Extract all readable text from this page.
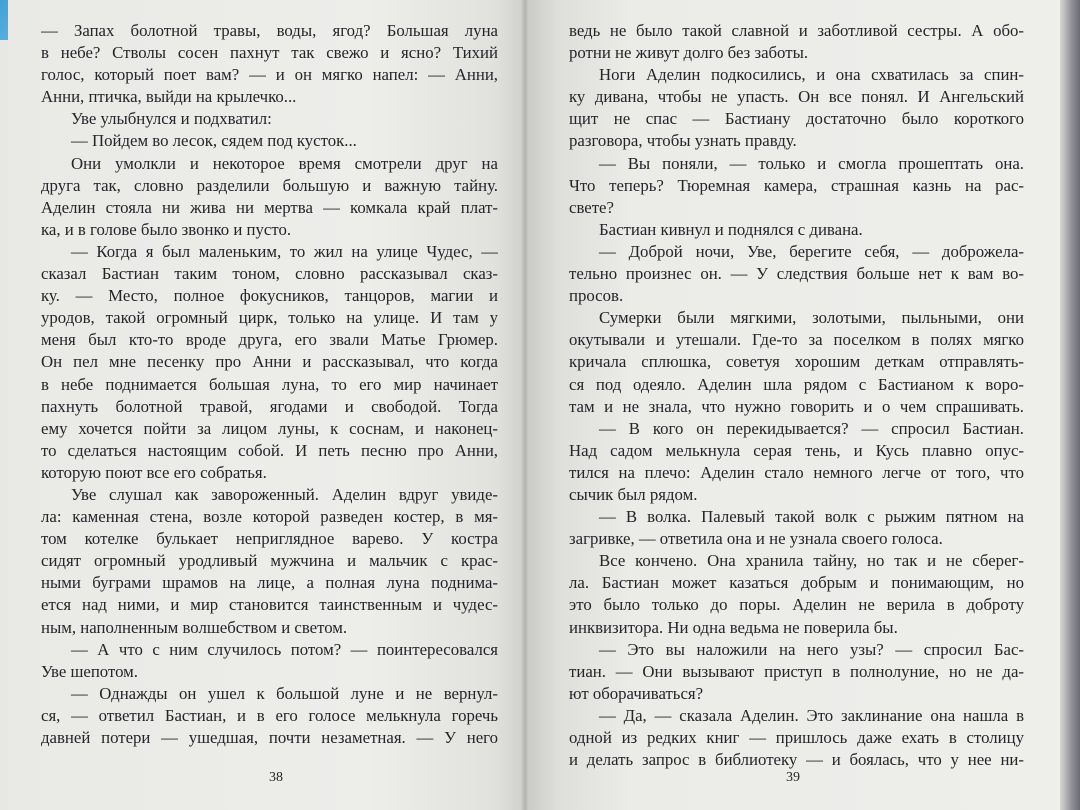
— Запах болотной травы, воды, ягод? Большая луна
в небе? Стволы сосен пахнут так свежо и ясно? Тихий
голос, который поет вам? — и он мягко напел: — Анни,
Анни, птичка, выйди на крылечко...
Уве улыбнулся и подхватил:
— Пойдем во лесок, сядем под кусток...
Они умолкли и некоторое время смотрели друг на
друга так, словно разделили большую и важную тайну.
Аделин стояла ни жива ни мертва — комкала край плат-
ка, и в голове было звонко и пусто.
— Когда я был маленьким, то жил на улице Чудес, —
сказал Бастиан таким тоном, словно рассказывал сказ-
ку. — Место, полное фокусников, танцоров, магии и
уродов, такой огромный цирк, только на улице. И там у
меня был кто-то вроде друга, его звали Матье Грюмер.
Он пел мне песенку про Анни и рассказывал, что когда
в небе поднимается большая луна, то его мир начинает
пахнуть болотной травой, ягодами и свободой. Тогда
ему хочется пойти за лицом луны, к соснам, и наконец-
то сделаться настоящим собой. И петь песню про Анни,
которую поют все его собратья.
Уве слушал как завороженный. Аделин вдруг увиде-
ла: каменная стена, возле которой разведен костер, в мя-
том котелке булькает неприглядное варево. У костра
сидят огромный уродливый мужчина и мальчик с крас-
ными буграми шрамов на лице, а полная луна поднима-
ется над ними, и мир становится таинственным и чудес-
ным, наполненным волшебством и светом.
— А что с ним случилось потом? — поинтересовался
Уве шепотом.
— Однажды он ушел к большой луне и не вернул-
ся, — ответил Бастиан, и в его голосе мелькнула горечь
давней потери — ушедшая, почти незаметная. — У него
38
ведь не было такой славной и заботливой сестры. А обо-
ротни не живут долго без заботы.
Ноги Аделин подкосились, и она схватилась за спин-
ку дивана, чтобы не упасть. Он все понял. И Ангельский
щит не спас — Бастиану достаточно было короткого
разговора, чтобы узнать правду.
— Вы поняли, — только и смогла прошептать она.
Что теперь? Тюремная камера, страшная казнь на рас-
свете?
Бастиан кивнул и поднялся с дивана.
— Доброй ночи, Уве, берегите себя, — доброжела-
тельно произнес он. — У следствия больше нет к вам во-
просов.
Сумерки были мягкими, золотыми, пыльными, они
окутывали и утешали. Где-то за поселком в полях мягко
кричала сплюшка, советуя хорошим деткам отправлять-
ся под одеяло. Аделин шла рядом с Бастианом к воро-
там и не знала, что нужно говорить и о чем спрашивать.
— В кого он перекидывается? — спросил Бастиан.
Над садом мелькнула серая тень, и Кусь плавно опус-
тился на плечо: Аделин стало немного легче от того, что
сычик был рядом.
— В волка. Палевый такой волк с рыжим пятном на
загривке, — ответила она и не узнала своего голоса.
Все кончено. Она хранила тайну, но так и не сберег-
ла. Бастиан может казаться добрым и понимающим, но
это было только до поры. Аделин не верила в доброту
инквизитора. Ни одна ведьма не поверила бы.
— Это вы наложили на него узы? — спросил Бас-
тиан. — Они вызывают приступ в полнолуние, но не да-
ют оборачиваться?
— Да, — сказала Аделин. Это заклинание она нашла в
одной из редких книг — пришлось даже ехать в столицу
и делать запрос в библиотеку — и боялась, что у нее ни-
39
